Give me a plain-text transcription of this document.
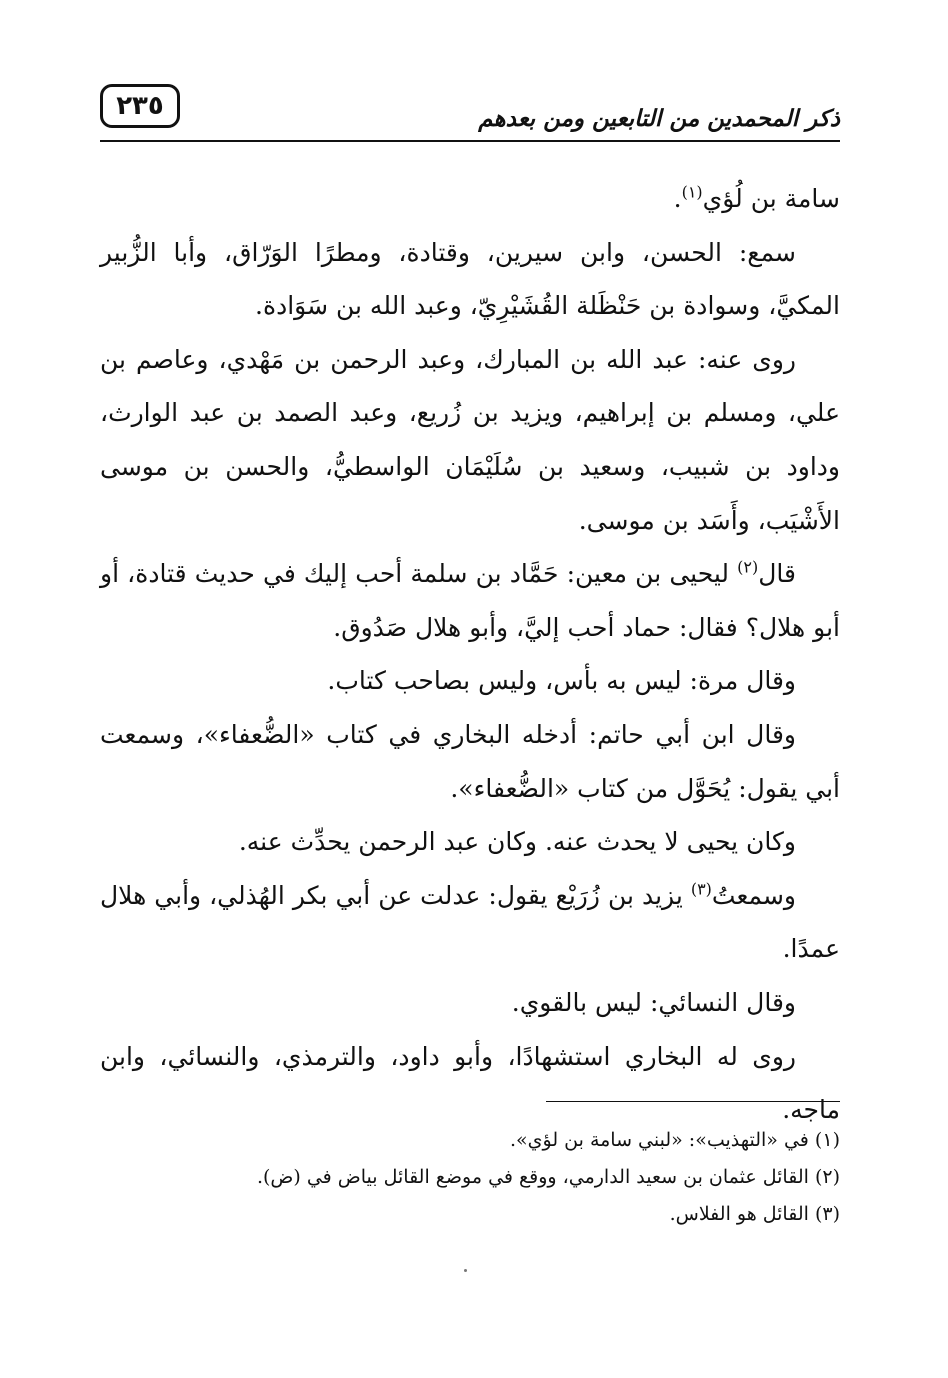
ذكر المحمدين من التابعين ومن بعدهم
٢٣٥

سامة بن لُؤي$^{(١)}$.

سمع: الحسن، وابن سيرين، وقتادة، ومطرًا الوَرّاق، وأبا الزُّبير المكيَّ، وسوادة بن حَنْظَلة القُشَيْرِيّ، وعبد الله بن سَوَادة.

روى عنه: عبد الله بن المبارك، وعبد الرحمن بن مَهْدي، وعاصم بن علي، ومسلم بن إبراهيم، ويزيد بن زُريع، وعبد الصمد بن عبد الوارث، وداود بن شبيب، وسعيد بن سُلَيْمَان الواسطيُّ، والحسن بن موسى الأَشْيَب، وأَسَد بن موسى.

قال$^{(٢)}$ ليحيى بن معين: حَمَّاد بن سلمة أحب إليك في حديث قتادة، أو أبو هلال؟ فقال: حماد أحب إليَّ، وأبو هلال صَدُوق.

وقال مرة: ليس به بأس، وليس بصاحب كتاب.

وقال ابن أبي حاتم: أدخله البخاري في كتاب «الضُّعفاء»، وسمعت أبي يقول: يُحَوَّل من كتاب «الضُّعفاء».

وكان يحيى لا يحدث عنه. وكان عبد الرحمن يحدِّث عنه.

وسمعتُ$^{(٣)}$ يزيد بن زُرَيْع يقول: عدلت عن أبي بكر الهُذلي، وأبي هلال عمدًا.

وقال النسائي: ليس بالقوي.

روى له البخاري استشهادًا، وأبو داود، والترمذي، والنسائي، وابن ماجه.

(١) في «التهذيب»: «لبني سامة بن لؤي».

(٢) القائل عثمان بن سعيد الدارمي، ووقع في موضع القائل بياض في (ض).

(٣) القائل هو الفلاس.
